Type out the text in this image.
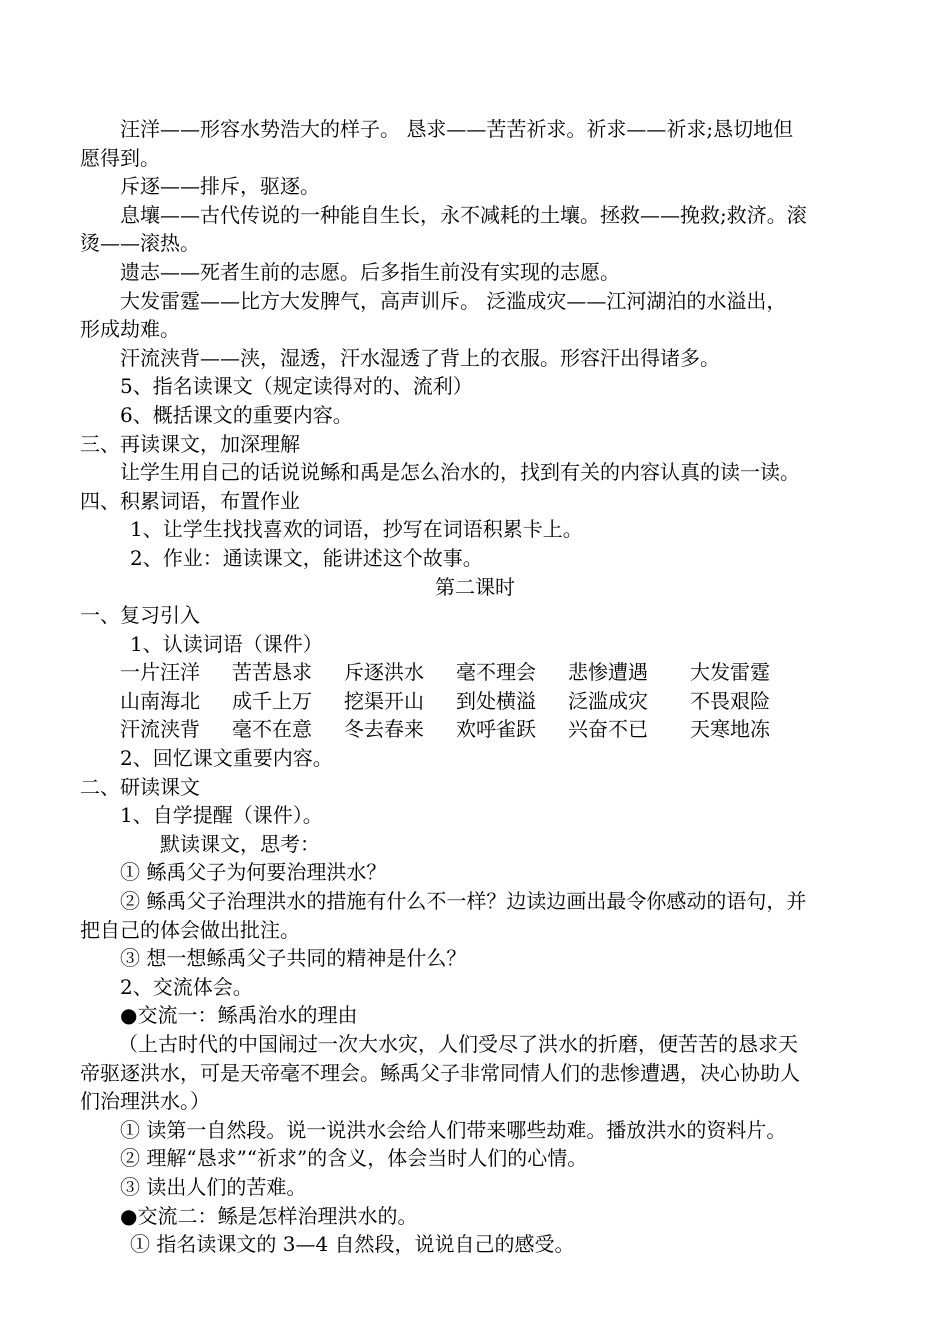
汪洋——形容水势浩大的样子。 恳求——苦苦祈求。祈求——祈求;恳切地但
愿得到。
斥逐——排斥，驱逐。
息壤——古代传说的一种能自生长，永不减耗的土壤。拯救——挽救;救济。滚
烫——滚热。
遗志——死者生前的志愿。后多指生前没有实现的志愿。
大发雷霆——比方大发脾气，高声训斥。 泛滥成灾——江河湖泊的水溢出，
形成劫难。
汗流浃背——浃，湿透，汗水湿透了背上的衣服。形容汗出得诸多。
5、指名读课文（规定读得对的、流利）
6、概括课文的重要内容。
三、再读课文，加深理解
让学生用自己的话说说鲧和禹是怎么治水的，找到有关的内容认真的读一读。
四、积累词语，布置作业
1、让学生找找喜欢的词语，抄写在词语积累卡上。
2、作业：通读课文，能讲述这个故事。
第二课时
一、复习引入
1、认读词语（课件）
一片汪洋	苦苦恳求	斥逐洪水	毫不理会	悲惨遭遇	大发雷霆
山南海北	成千上万	挖渠开山	到处横溢	泛滥成灾	不畏艰险
汗流浃背	毫不在意	冬去春来	欢呼雀跃	兴奋不已	天寒地冻
2、回忆课文重要内容。
二、研读课文
1、自学提醒（课件）。
默读课文，思考：
① 鲧禹父子为何要治理洪水？
② 鲧禹父子治理洪水的措施有什么不一样？边读边画出最令你感动的语句，并
把自己的体会做出批注。
③ 想一想鲧禹父子共同的精神是什么？
2、交流体会。
●交流一：鲧禹治水的理由
（上古时代的中国闹过一次大水灾，人们受尽了洪水的折磨，便苦苦的恳求天
帝驱逐洪水，可是天帝毫不理会。鲧禹父子非常同情人们的悲惨遭遇，决心协助人
们治理洪水。）
① 读第一自然段。说一说洪水会给人们带来哪些劫难。播放洪水的资料片。
② 理解“恳求”“祈求”的含义，体会当时人们的心情。
③ 读出人们的苦难。
●交流二：鲧是怎样治理洪水的。
① 指名读课文的 3—4 自然段，说说自己的感受。
